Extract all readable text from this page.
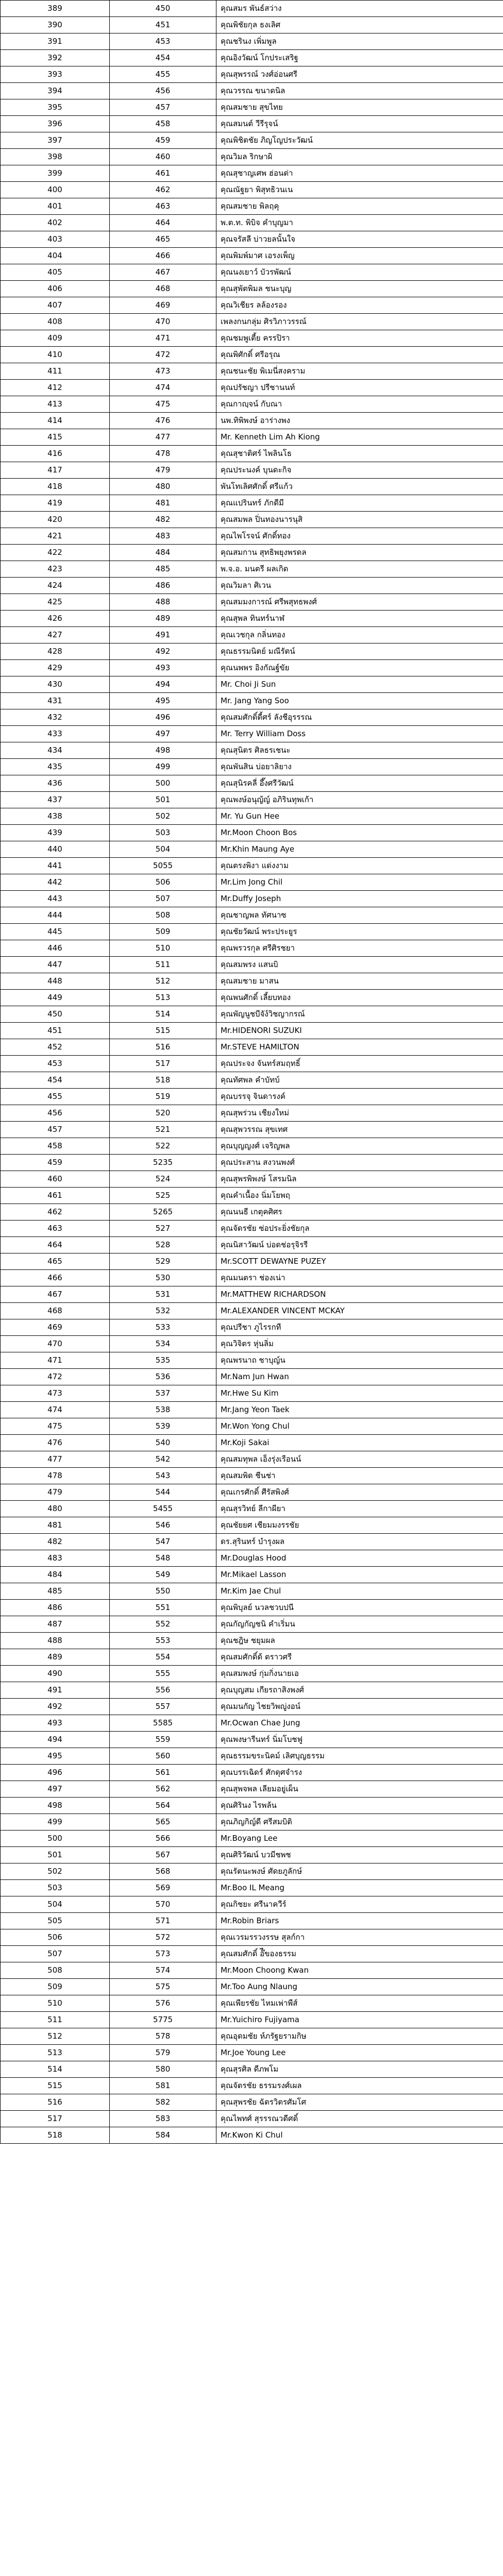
389	450	คุณสมร พันธ์สว่าง
390	451	คุณพิชัยกุล ธงเลิศ
391	453	คุณชรินง เพิ่มพูล
392	454	คุณอิงวัฒน์ โกประเสริฐ
393	455	คุณสุพรรณ์ วงศ์อ่อนศรี
394	456	คุณวรรณ ขนาดนิล
395	457	คุณสมชาย สุขไทย
396	458	คุณสมนต์ วีรีรุจน์
397	459	คุณพิชิตชัย ภิญโญประวัฒน์
398	460	คุณวิมล ริกษาผิ
399	461	คุณสุชาญเศพ ฮ่อนต่า
400	462	คุณณัฐยา พิสุทธิวนเน
401	463	คุณสมชาย พิลฤคุ
402	464	พ.ต.ท. พิบิจ คำบุญมา
403	465	คุณจรัสลี บ่าวยลนั้นใจ
404	466	คุณพิมพ์มาศ เอรงเพ็ญ
405	467	คุณนงเยาว์ บัวรพัฒน์
406	468	คุณสุพัตพิมล ชนะบุญ
407	469	คุณวิเชียร ลล้องรอง
408	470	เพลงกนกลุ่ม ศิรวิภาวรรณ์
409	471	คุณชมพูเตี้ย ครรปิรา
410	472	คุณพิศักดิ์ ศรีอรุณ
411	473	คุณชนะชัย พิเมนี่สงคราม
412	474	คุณปรัชญา ปรีชานนท์
413	475	คุณกาญฺจน์ กับณา
414	476	นพ.ทิพิพงษ์ อาร่างพง
415	477	Mr. Kenneth Lim Ah Kiong
416	478	คุณสุชาติศร์ ไพลินโธ
417	479	คุณประนงค์ บุนดะกิจ
418	480	พันโทเลิศศักดิ์ ศรีแก้ว
419	481	คุณแปรินทร์ ภักดีมี
420	482	คุณสมพล ปิ่นทองนารนุสิ
421	483	คุณไพโรจน์ ศักดิ์ทอง
422	484	คุณสมกาน สุทธิพยุงพรดล
423	485	พ.จ.อ. มนตรี ผลเกิด
424	486	คุณวิมลา ศิเวน
425	488	คุณสมมงการณ์ ศรีพสุทธพงศ์
426	489	คุณสุพล ทินทร์นาฬ
427	491	คุณเวชกุล กลิ่นทอง
428	492	คุณธรรมนิตย์ มณีรัตน์
429	493	คุณนพพร อิงกัณฐ์ขัย
430	494	Mr. Choi Ji Sun
431	495	Mr. Jang Yang Soo
432	496	คุณสมศักดิ์ดี้ศร์ ลังชีอุรรรณ
433	497	Mr. Terry William Doss
434	498	คุณสุนิตร ศิลธรเชนะ
435	499	คุณพันสิน บ่อยาลิยาง
436	500	คุณสุนิรคลี่ อึ๊งศรีวัฒน์
437	501	คุณพงษ์อนุญ้ญ์ อภิรินทุพเก้า
438	502	Mr. Yu Gun Hee
439	503	Mr.Moon Choon Bos
440	504	Mr.Khin Maung Aye
441	5055	คุณตรงพิงา แด่งงาม
442	506	Mr.Lim Jong Chil
443	507	Mr.Duffy Joseph
444	508	คุณชาญพล ทัศนาซ
445	509	คุณชัยวัฒน์ พระประยูร
446	510	คุณพรวรกุล ศรีศิรชยา
447	511	คุณสมพรง แสนบิ
448	512	คุณสมชาย มาสน
449	513	คุณพนศักดิ์ เลี้ยบทอง
450	514	คุณพัญนูชบีจัง์วิชญากรณ์
451	515	Mr.HIDENORI SUZUKI
452	516	Mr.STEVE HAMILTON
453	517	คุณประจง จันทร์สมฤทธิ์
454	518	คุณทัศพล คำบัทบ์
455	519	คุณบรรจุ จินดารงค์
456	520	คุณสุพร่วน เชียงใหม่
457	521	คุณสุพวรรณ สุขเทศ
458	522	คุณบุญญงศ์ เจริญพล
459	5235	คุณประสาน สงวนพงศ์
460	524	คุณสุพรพิพงษ์ โสรมนิล
461	525	คุณคำเนื้อง นิ่มโยพฤ
462	5265	คุณนนธี เกตุคศิศร
463	527	คุณจัดรชัย ซ่อประยิ่งชัยกุล
464	528	คุณนิสาวัฒน์ บ่อดช่อรุจิรรี
465	529	Mr.SCOTT DEWAYNE PUZEY
466	530	คุณมนตรา ช่องเน่า
467	531	Mr.MATTHEW RICHARDSON
468	532	Mr.ALEXANDER VINCENT MCKAY
469	533	คุณปรีชา ภูไรรกที
470	534	คุณวิจิตร หุ่นลิ่ม
471	535	คุณพรนาถ ชาบุญ์น
472	536	Mr.Nam Jun Hwan
473	537	Mr.Hwe Su Kim
474	538	Mr.Jang Yeon Taek
475	539	Mr.Won Yong Chul
476	540	Mr.Koji Sakai
477	542	คุณสมทุพล เอ็งรุ่งเรือนน์
478	543	คุณสมพิด ชีนช่า
479	544	คุณเกรศักดิ์ ศีรัสพิงศ์
480	5455	คุณสุรวิทย์ ลีกาผียา
481	546	คุณชัยยศ เชียมมงรรชัย
482	547	ดร.สุรินทร์ บำรุงผล
483	548	Mr.Douglas Hood
484	549	Mr.Mikael Lasson
485	550	Mr.Kim Jae Chul
486	551	คุณพิบุลย์ นวลชวบปนี
487	552	คุณกัญกัญชนิ คำเริ่มน
488	553	คุณชฎิษ ชยุมผล
489	554	คุณสมศักดิ์ด้ ตราวศรี
490	555	คุณสมพงษ์ กุ่มกิ่งนายเอ
491	556	คุณบุญสม เกียรถาสิงพงศ์
492	557	คุณมนกัญ ไชยวิพญู่งอน์
493	5585	Mr.Ocwan Chae Jung
494	559	คุณพงษารีนทร์ นิ่มโบชฟู
495	560	คุณธรรมขระนิคม์ เลิศบุญธรรม
496	561	คุณบรรเฉิดร์ ศักดุศจำรง
497	562	คุณสุพจพล เลียมอยู่เผ็น
498	564	คุณศิรินง ไรพล้น
499	565	คุณภิญกิญ์ดี ศรีสมบิติ
500	566	Mr.Boyang Lee
501	567	คุณศิริวัฒน์ บวมีชพช
502	568	คุณรัตนะพงษ์ ศัดยภูลักษ์
503	569	Mr.Boo IL Meang
504	570	คุณกิชยะ ศรีนาควีร์
505	571	Mr.Robin Briars
506	572	คุณเวรมรรวงรรษ สุลก์กา
507	573	คุณสมศักดิ์ อ๊ีของธรรม
508	574	Mr.Moon Choong Kwan
509	575	Mr.Too Aung Nlaung
510	576	คุณเพียรชัย ไหมเพ่าพีส์
511	5775	Mr.Yuichiro Fujiyama
512	578	คุณอุดมชัย ห์ภรัฐยรามกิษ
513	579	Mr.Joe Young Lee
514	580	คุณสุรศิล ดีภพโม
515	581	คุณจัตรชัย ธรรมรงศ์เผล
516	582	คุณสุพรชัย ฉัตรวิตรศัมโศ
517	583	คุณไพทศ์ สุรรรณวดีศดิ์
518	584	Mr.Kwon Ki Chul
